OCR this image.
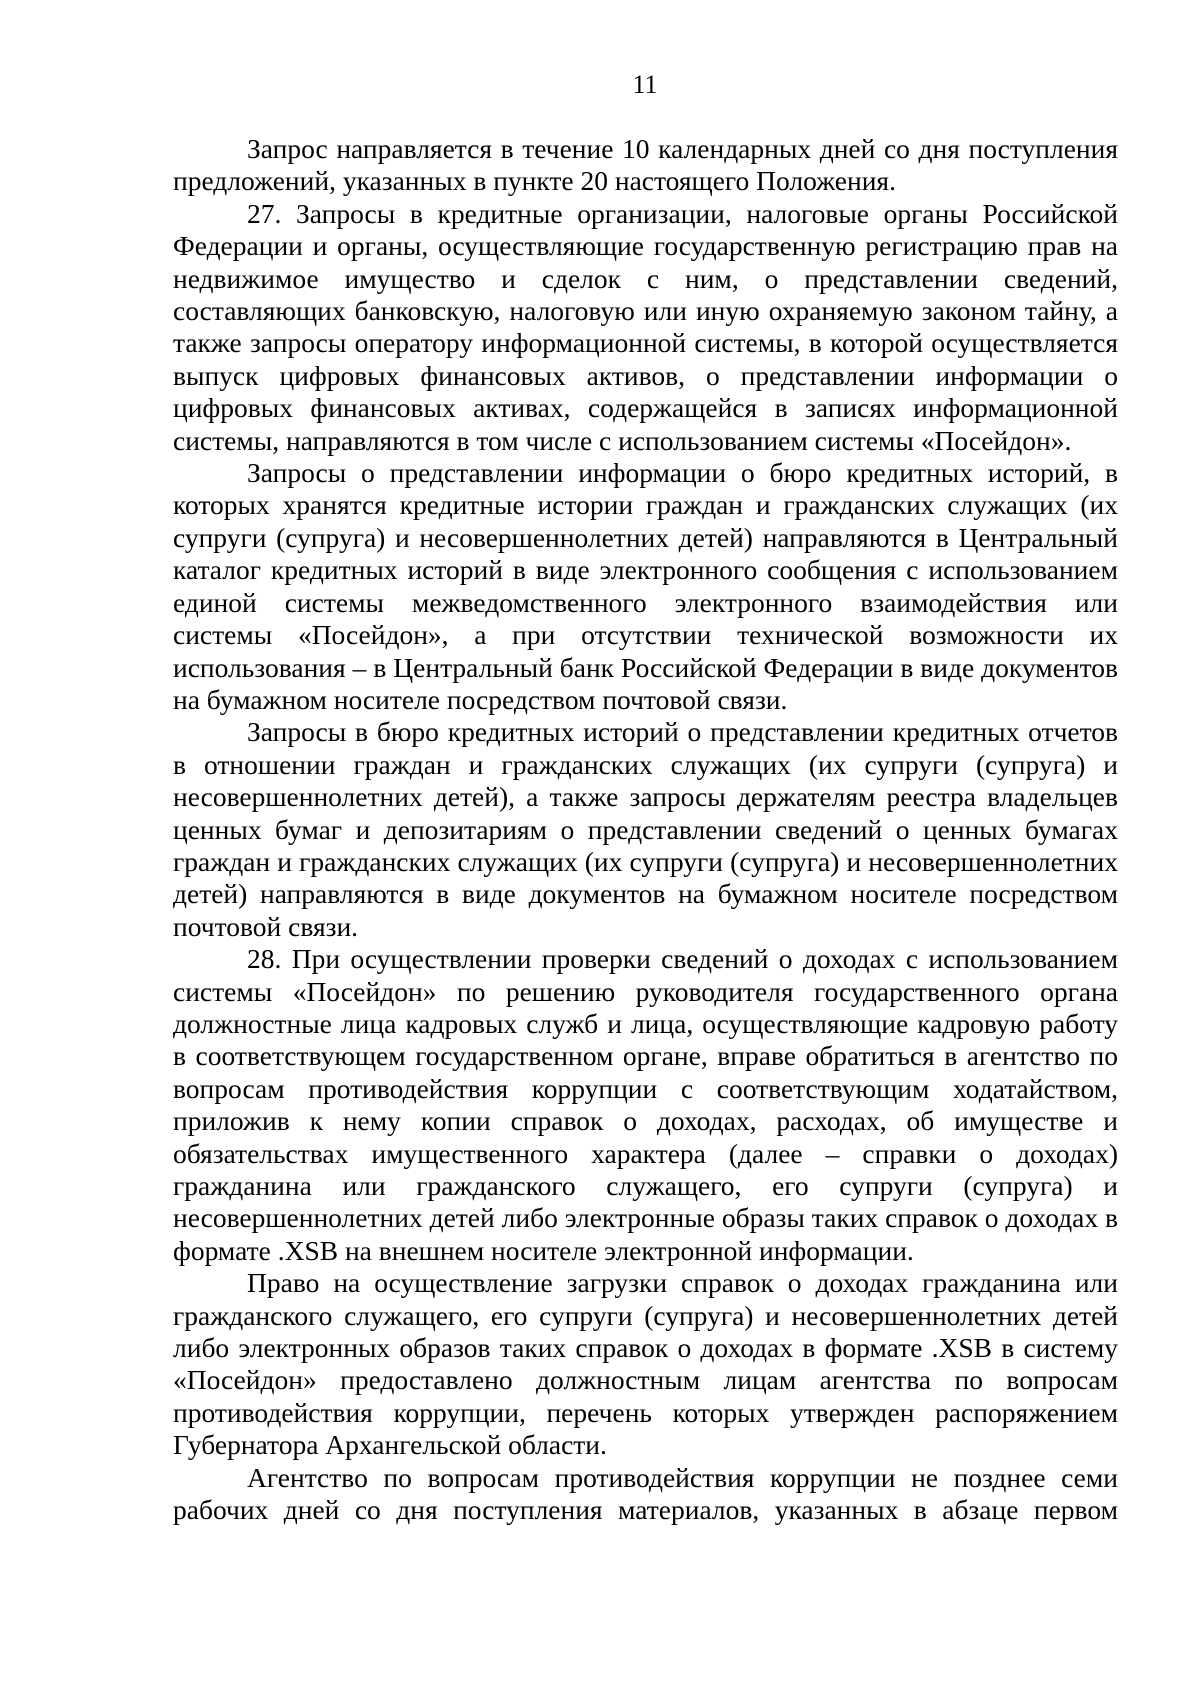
11

Запрос направляется в течение 10 календарных дней со дня поступления предложений, указанных в пункте 20 настоящего Положения.

27. Запросы в кредитные организации, налоговые органы Российской Федерации и органы, осуществляющие государственную регистрацию прав на недвижимое имущество и сделок с ним, о представлении сведений, составляющих банковскую, налоговую или иную охраняемую законом тайну, а также запросы оператору информационной системы, в которой осуществляется выпуск цифровых финансовых активов, о представлении информации о цифровых финансовых активах, содержащейся в записях информационной системы, направляются в том числе с использованием системы «Посейдон».

Запросы о представлении информации о бюро кредитных историй, в которых хранятся кредитные истории граждан и гражданских служащих (их супруги (супруга) и несовершеннолетних детей) направляются в Центральный каталог кредитных историй в виде электронного сообщения с использованием единой системы межведомственного электронного взаимодействия или системы «Посейдон», а при отсутствии технической возможности их использования – в Центральный банк Российской Федерации в виде документов на бумажном носителе посредством почтовой связи.

Запросы в бюро кредитных историй о представлении кредитных отчетов в отношении граждан и гражданских служащих (их супруги (супруга) и несовершеннолетних детей), а также запросы держателям реестра владельцев ценных бумаг и депозитариям о представлении сведений о ценных бумагах граждан и гражданских служащих (их супруги (супруга) и несовершеннолетних детей) направляются в виде документов на бумажном носителе посредством почтовой связи.

28. При осуществлении проверки сведений о доходах с использованием системы «Посейдон» по решению руководителя государственного органа должностные лица кадровых служб и лица, осуществляющие кадровую работу в соответствующем государственном органе, вправе обратиться в агентство по вопросам противодействия коррупции с соответствующим ходатайством, приложив к нему копии справок о доходах, расходах, об имуществе и обязательствах имущественного характера (далее – справки о доходах) гражданина или гражданского служащего, его супруги (супруга) и несовершеннолетних детей либо электронные образы таких справок о доходах в формате .XSB на внешнем носителе электронной информации.

Право на осуществление загрузки справок о доходах гражданина или гражданского служащего, его супруги (супруга) и несовершеннолетних детей либо электронных образов таких справок о доходах в формате .XSB в систему «Посейдон» предоставлено должностным лицам агентства по вопросам противодействия коррупции, перечень которых утвержден распоряжением Губернатора Архангельской области.

Агентство по вопросам противодействия коррупции не позднее семи рабочих дней со дня поступления материалов, указанных в абзаце первом
